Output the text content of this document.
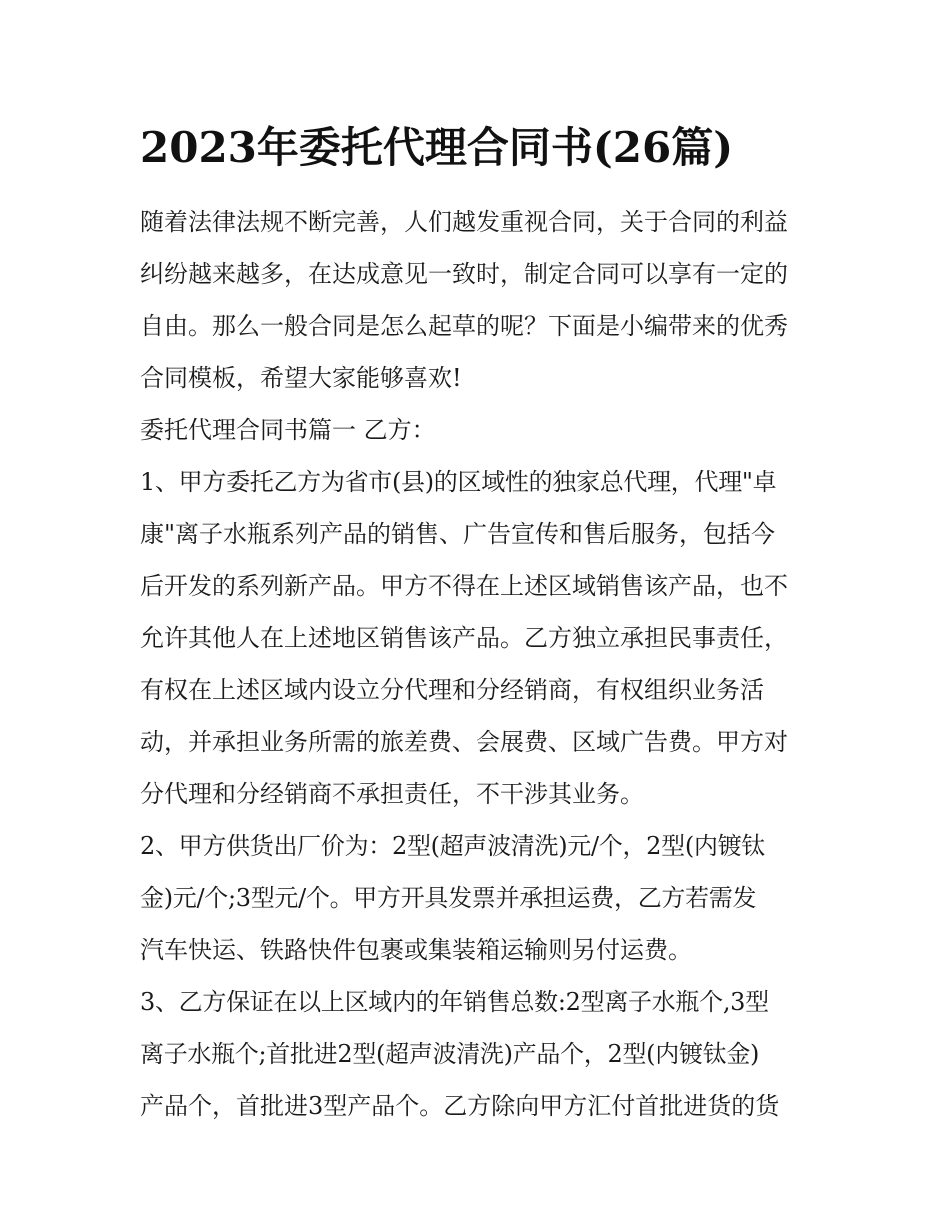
2023年委托代理合同书(26篇)
随着法律法规不断完善，人们越发重视合同，关于合同的利益
纠纷越来越多，在达成意见一致时，制定合同可以享有一定的
自由。那么一般合同是怎么起草的呢？下面是小编带来的优秀
合同模板，希望大家能够喜欢!
委托代理合同书篇一 乙方：
1、甲方委托乙方为省市(县)的区域性的独家总代理，代理"卓
康"离子水瓶系列产品的销售、广告宣传和售后服务，包括今
后开发的系列新产品。甲方不得在上述区域销售该产品，也不
允许其他人在上述地区销售该产品。乙方独立承担民事责任，
有权在上述区域内设立分代理和分经销商，有权组织业务活
动，并承担业务所需的旅差费、会展费、区域广告费。甲方对
分代理和分经销商不承担责任，不干涉其业务。
2、甲方供货出厂价为：2型(超声波清洗)元/个，2型(内镀钛
金)元/个;3型元/个。甲方开具发票并承担运费，乙方若需发
汽车快运、铁路快件包裹或集装箱运输则另付运费。
3、乙方保证在以上区域内的年销售总数:2型离子水瓶个,3型
离子水瓶个;首批进2型(超声波清洗)产品个，2型(内镀钛金)
产品个，首批进3型产品个。乙方除向甲方汇付首批进货的货
